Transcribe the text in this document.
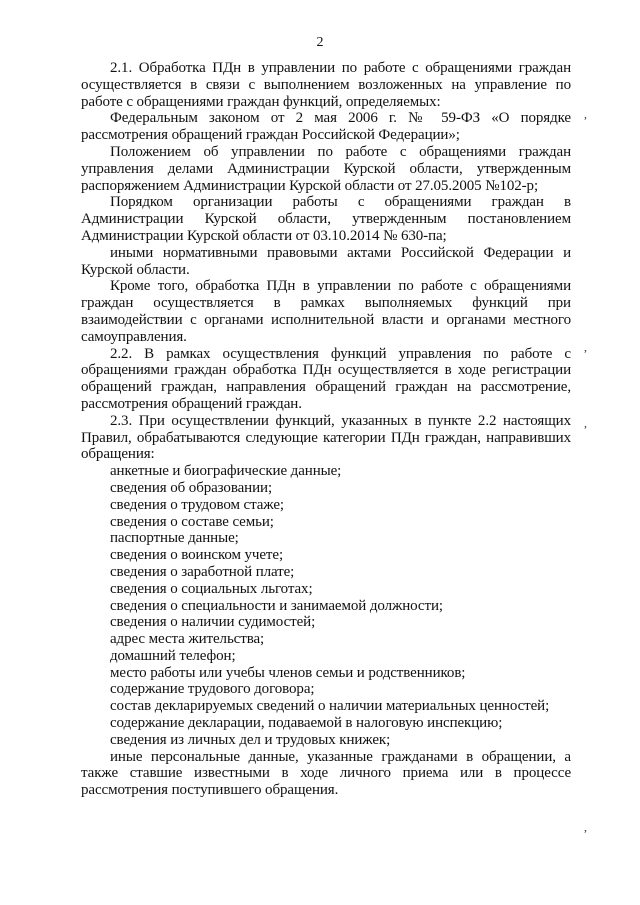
2

2.1. Обработка ПДн в управлении по работе с обращениями граждан осуществляется в связи с выполнением возложенных на управление по работе с обращениями граждан функций, определяемых:

Федеральным законом от 2 мая 2006 г. № 59-ФЗ «О порядке рассмотрения обращений граждан Российской Федерации»;

Положением об управлении по работе с обращениями граждан управления делами Администрации Курской области, утвержденным распоряжением Администрации Курской области от 27.05.2005 №102-р;

Порядком организации работы с обращениями граждан в Администрации Курской области, утвержденным постановлением Администрации Курской области от 03.10.2014 № 630-па;

иными нормативными правовыми актами Российской Федерации и Курской области.

Кроме того, обработка ПДн в управлении по работе с обращениями граждан осуществляется в рамках выполняемых функций при взаимодействии с органами исполнительной власти и органами местного самоуправления.

2.2. В рамках осуществления функций управления по работе с обращениями граждан обработка ПДн осуществляется в ходе регистрации обращений граждан, направления обращений граждан на рассмотрение, рассмотрения обращений граждан.

2.3. При осуществлении функций, указанных в пункте 2.2 настоящих Правил, обрабатываются следующие категории ПДн граждан, направивших обращения:

анкетные и биографические данные;
сведения об образовании;
сведения о трудовом стаже;
сведения о составе семьи;
паспортные данные;
сведения о воинском учете;
сведения о заработной плате;
сведения о социальных льготах;
сведения о специальности и занимаемой должности;
сведения о наличии судимостей;
адрес места жительства;
домашний телефон;
место работы или учебы членов семьи и родственников;
содержание трудового договора;
состав декларируемых сведений о наличии материальных ценностей;
содержание декларации, подаваемой в налоговую инспекцию;
сведения из личных дел и трудовых книжек;

иные персональные данные, указанные гражданами в обращении, а также ставшие известными в ходе личного приема или в процессе рассмотрения поступившего обращения.

,
,
,
,
